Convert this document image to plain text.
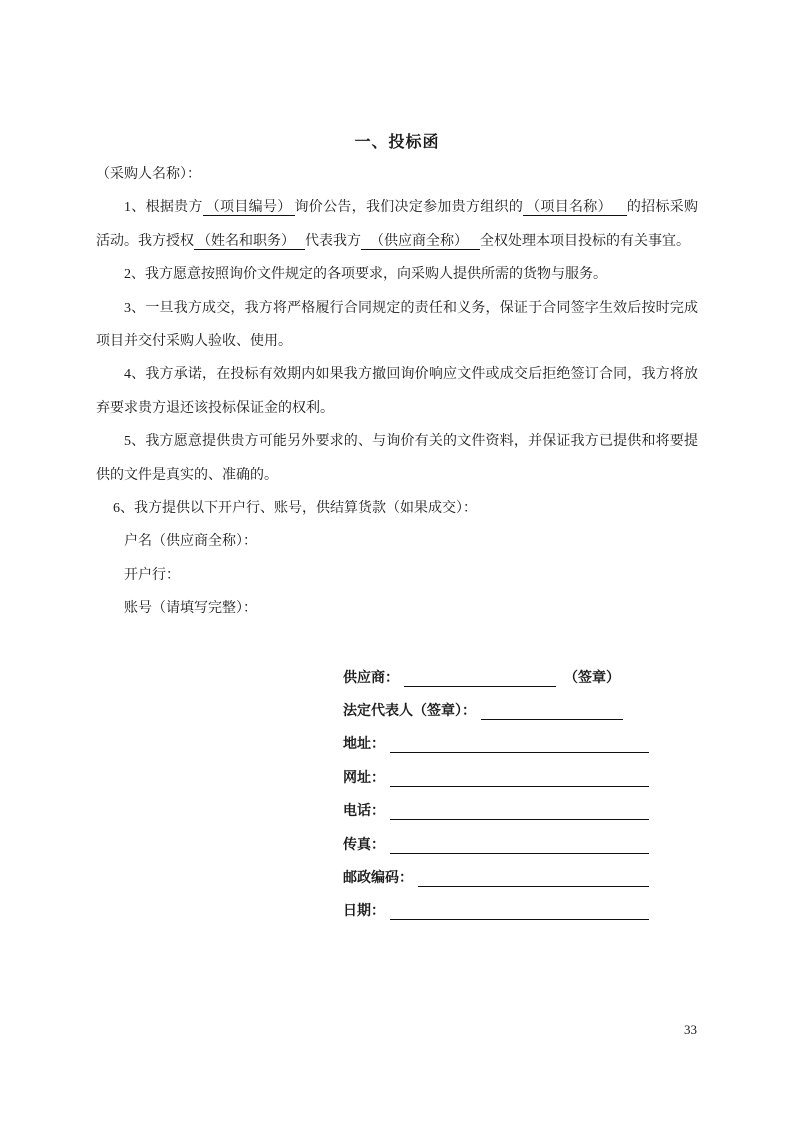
一、投标函

（采购人名称）：

1、根据贵方 （项目编号） 询价公告，我们决定参加贵方组织的 （项目名称） 的招标采购活动。我方授权 （姓名和职务） 代表我方 （供应商全称） 全权处理本项目投标的有关事宜。

2、我方愿意按照询价文件规定的各项要求，向采购人提供所需的货物与服务。

3、一旦我方成交，我方将严格履行合同规定的责任和义务，保证于合同签字生效后按时完成项目并交付采购人验收、使用。

4、我方承诺，在投标有效期内如果我方撤回询价响应文件或成交后拒绝签订合同，我方将放弃要求贵方退还该投标保证金的权利。

5、我方愿意提供贵方可能另外要求的、与询价有关的文件资料，并保证我方已提供和将要提供的文件是真实的、准确的。

6、我方提供以下开户行、账号，供结算货款（如果成交）：

户名（供应商全称）：

开户行：

账号（请填写完整）：

供应商：	（签章）
法定代表人（签章）：
地址：
网址：
电话：
传真：
邮政编码：
日期：
33
